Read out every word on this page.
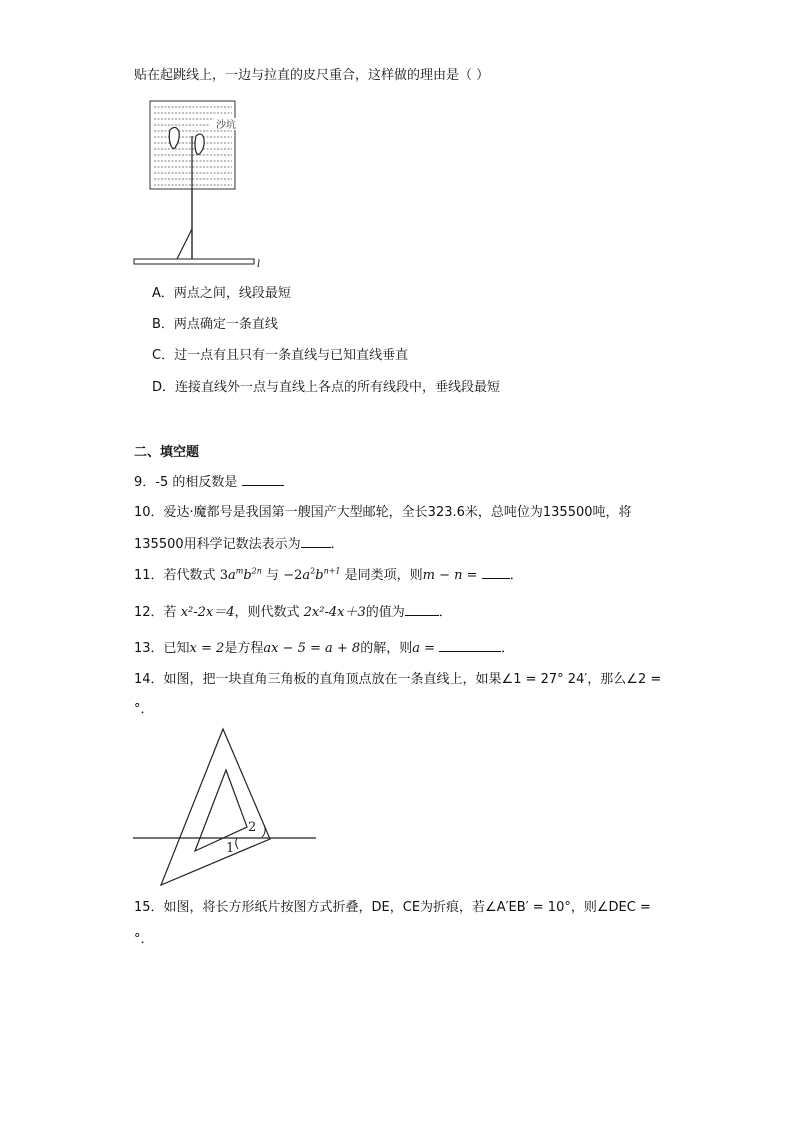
贴在起跳线上，一边与拉直的皮尺重合，这样做的理由是（ ）
沙坑
l
A．两点之间，线段最短
B．两点确定一条直线
C．过一点有且只有一条直线与已知直线垂直
D．连接直线外一点与直线上各点的所有线段中，垂线段最短
二、填空题
9．-5 的相反数是
10．爱达·魔都号是我国第一艘国产大型邮轮，全长323.6米，总吨位为135500吨，将
135500用科学记数法表示为 ．
11．若代数式 $3a^mb^{2n}$ 与 $-2a^2b^{n+1}$ 是同类项，则m − n = ．
12．若 x²-2x＝4，则代数式 2x²-4x＋3的值为	．
13．已知x = 2是方程ax − 5 = a + 8的解，则a =	．
14．如图，把一块直角三角板的直角顶点放在一条直线上，如果∠1 = 27° 24′，那么∠2 =
°．
1
2
15．如图，将长方形纸片按图方式折叠，DE，CE为折痕，若∠A′EB′ = 10°，则∠DEC =
°．
